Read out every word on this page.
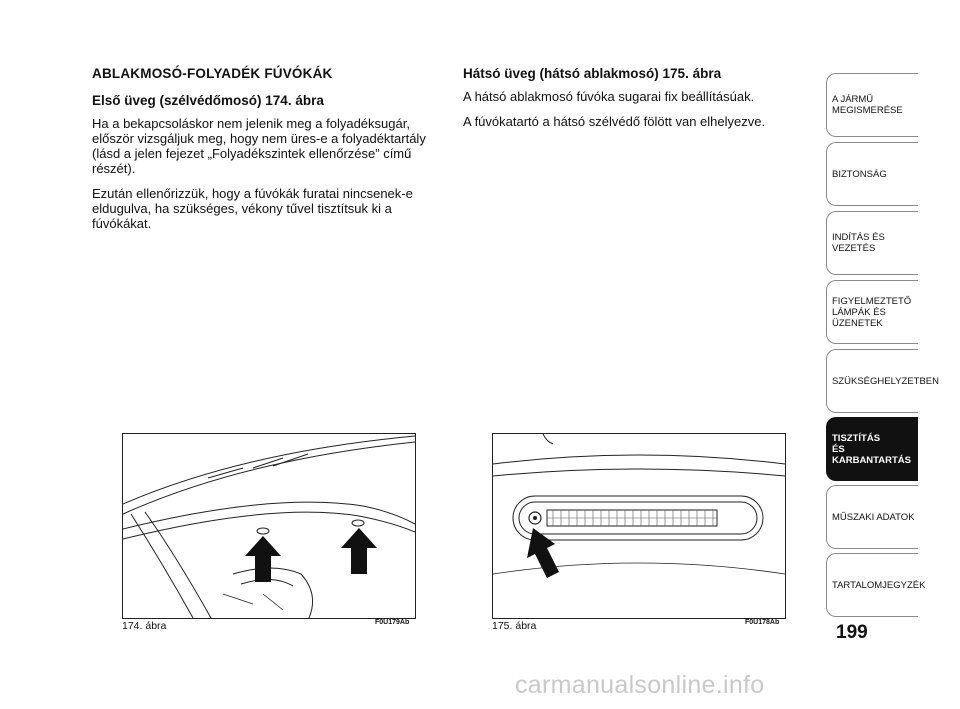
ABLAKMOSÓ-FOLYADÉK FÚVÓKÁK
Első üveg (szélvédőmosó) 174. ábra

Ha a bekapcsoláskor nem jelenik meg a folyadéksugár, először vizsgáljuk meg, hogy nem üres-e a folyadéktartály (lásd a jelen fejezet „Folyadékszintek ellenőrzése” című részét).

Ezután ellenőrizzük, hogy a fúvókák furatai nincsenek-e eldugulva, ha szükséges, vékony tűvel tisztítsuk ki a fúvókákat.

Hátsó üveg (hátsó ablakmosó) 175. ábra

A hátsó ablakmosó fúvóka sugarai fix beállításúak.

A fúvókatartó a hátsó szélvédő fölött van elhelyezve.

174. ábra	F0U179Ab	175. ábra	F0U178Ab
A JÁRMŰ
MEGISMERÉSE
BIZTONSÁG
INDÍTÁS ÉS VEZETÉS
FIGYELMEZTETŐ
LÁMPÁK ÉS ÜZENETEK
SZÜKSÉGHELYZETBEN
TISZTÍTÁS
ÉS KARBANTARTÁS
MŰSZAKI ADATOK
TARTALOMJEGYZÉK
199
carmanualsonline.info
